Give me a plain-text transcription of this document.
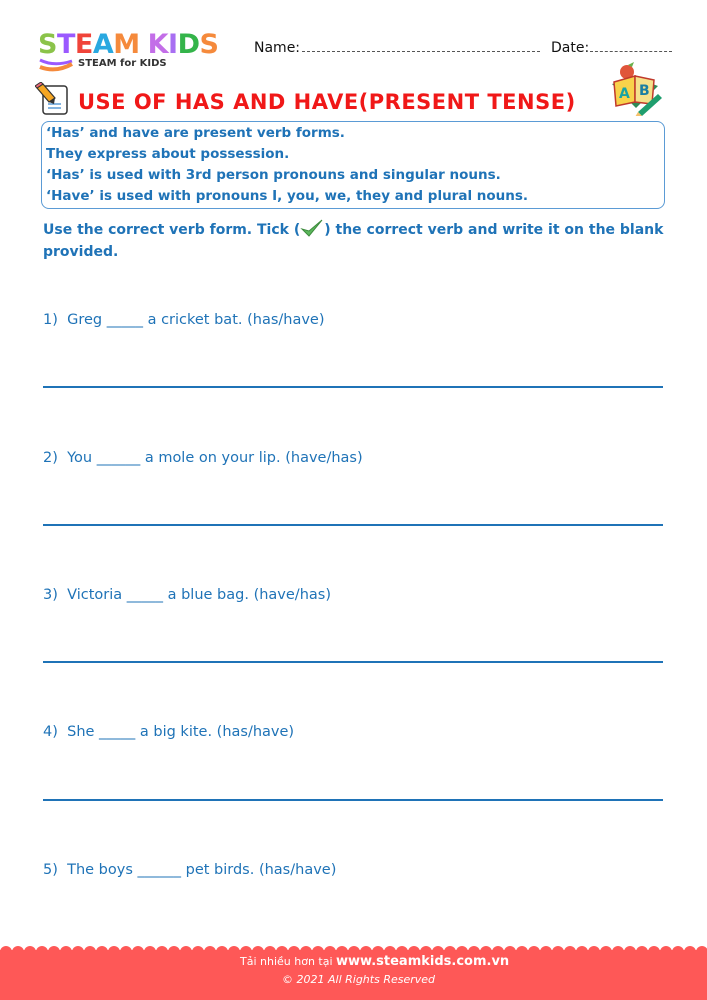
STEAM KIDS
STEAM for KIDS
Name:	Date:
USE OF HAS AND HAVE(PRESENT TENSE)	A B
‘Has’ and have are present verb forms.
They express about possession.
‘Has’ is used with 3rd person pronouns and singular nouns.
‘Have’ is used with pronouns I, you, we, they and plural nouns.
Use the correct verb form. Tick ( ) the correct verb and write it on the blank provided.
1) Greg _____ a cricket bat. (has/have)
2) You ______ a mole on your lip. (have/has)
3) Victoria _____ a blue bag. (have/has)
4) She _____ a big kite. (has/have)
5) The boys ______ pet birds. (has/have)
Tải nhiều hơn tại www.steamkids.com.vn
© 2021 All Rights Reserved
